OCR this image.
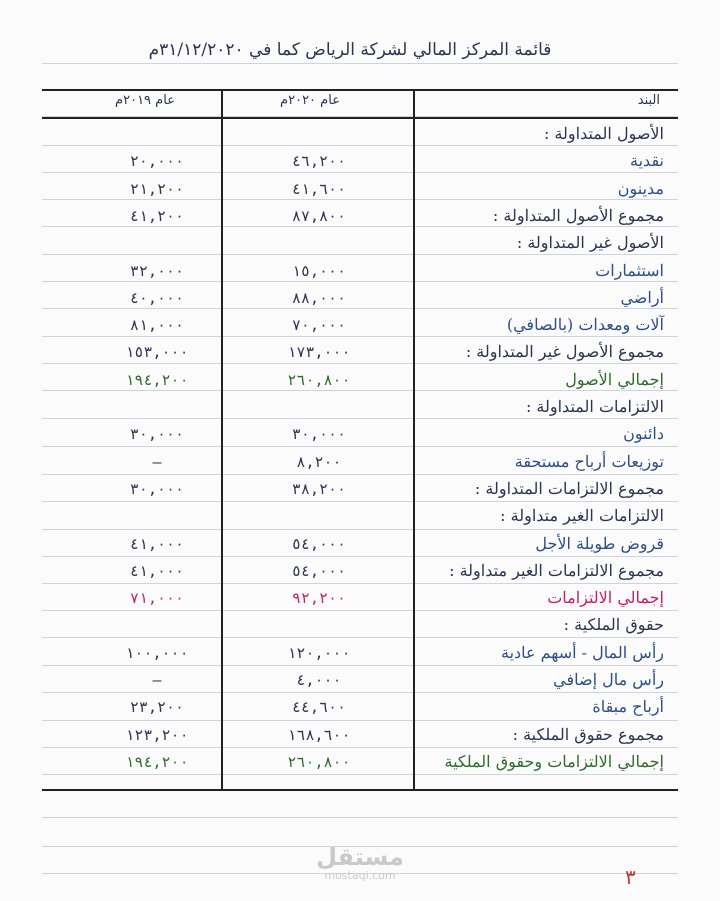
قائمة المركز المالي لشركة الرياض كما في ٣١/١٢/٢٠٢٠م
البند
عام ٢٠٢٠م
عام ٢٠١٩م
الأصول المتداولة :
نقدية
٤٦,٢٠٠
٢٠,٠٠٠
مدينون
٤١,٦٠٠
٢١,٢٠٠
مجموع الأصول المتداولة :
٨٧,٨٠٠
٤١,٢٠٠
الأصول غير المتداولة :
استثمارات
١٥,٠٠٠
٣٢,٠٠٠
أراضي
٨٨,٠٠٠
٤٠,٠٠٠
آلات ومعدات (بالصافي)
٧٠,٠٠٠
٨١,٠٠٠
مجموع الأصول غير المتداولة :
١٧٣,٠٠٠
١٥٣,٠٠٠
إجمالي الأصول
٢٦٠,٨٠٠
١٩٤,٢٠٠
الالتزامات المتداولة :
دائنون
٣٠,٠٠٠
٣٠,٠٠٠
توزيعات أرباح مستحقة
٨,٢٠٠
—
مجموع الالتزامات المتداولة :
٣٨,٢٠٠
٣٠,٠٠٠
الالتزامات الغير متداولة :
قروض طويلة الأجل
٥٤,٠٠٠
٤١,٠٠٠
مجموع الالتزامات الغير متداولة :
٥٤,٠٠٠
٤١,٠٠٠
إجمالي الالتزامات
٩٢,٢٠٠
٧١,٠٠٠
حقوق الملكية :
رأس المال - أسهم عادية
١٢٠,٠٠٠
١٠٠,٠٠٠
رأس مال إضافي
٤,٠٠٠
—
أرباح مبقاة
٤٤,٦٠٠
٢٣,٢٠٠
مجموع حقوق الملكية :
١٦٨,٦٠٠
١٢٣,٢٠٠
إجمالي الالتزامات وحقوق الملكية
٢٦٠,٨٠٠
١٩٤,٢٠٠
مستقل
mostaqi.com	٣
